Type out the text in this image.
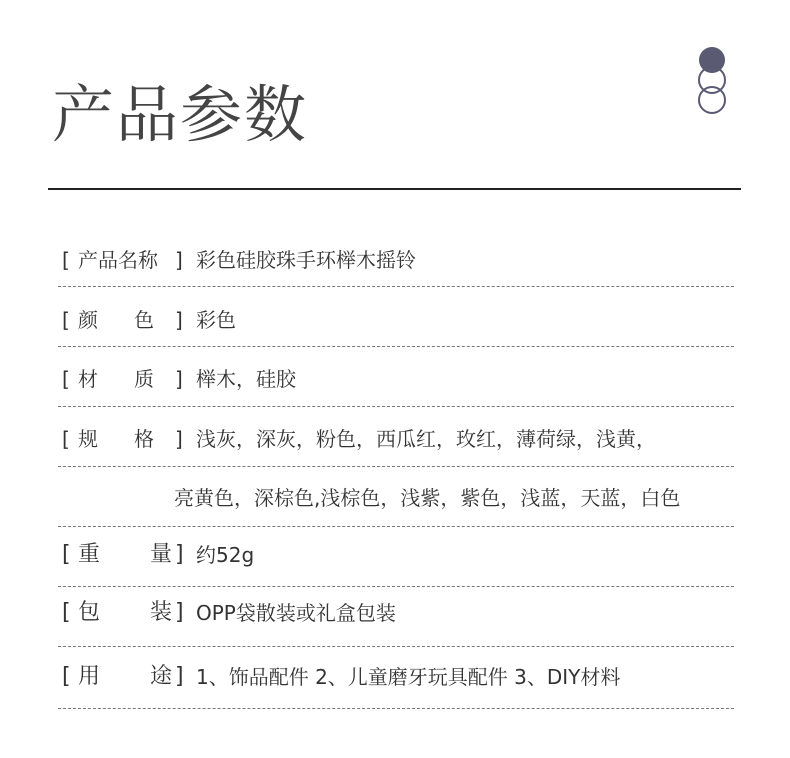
产品参数
[ 产品名称 ] 彩色硅胶珠手环榉木摇铃
[ 颜 色 ] 彩色
[ 材 质 ] 榉木，硅胶
[ 规 格 ] 浅灰，深灰，粉色，西瓜红，玫红，薄荷绿，浅黄，
亮黄色，深棕色,浅棕色，浅紫，紫色，浅蓝，天蓝，白色
[ 重 量 ] 约52g
[ 包 装 ] OPP袋散装或礼盒包装
[ 用 途 ] 1、饰品配件 2、儿童磨牙玩具配件 3、DIY材料
